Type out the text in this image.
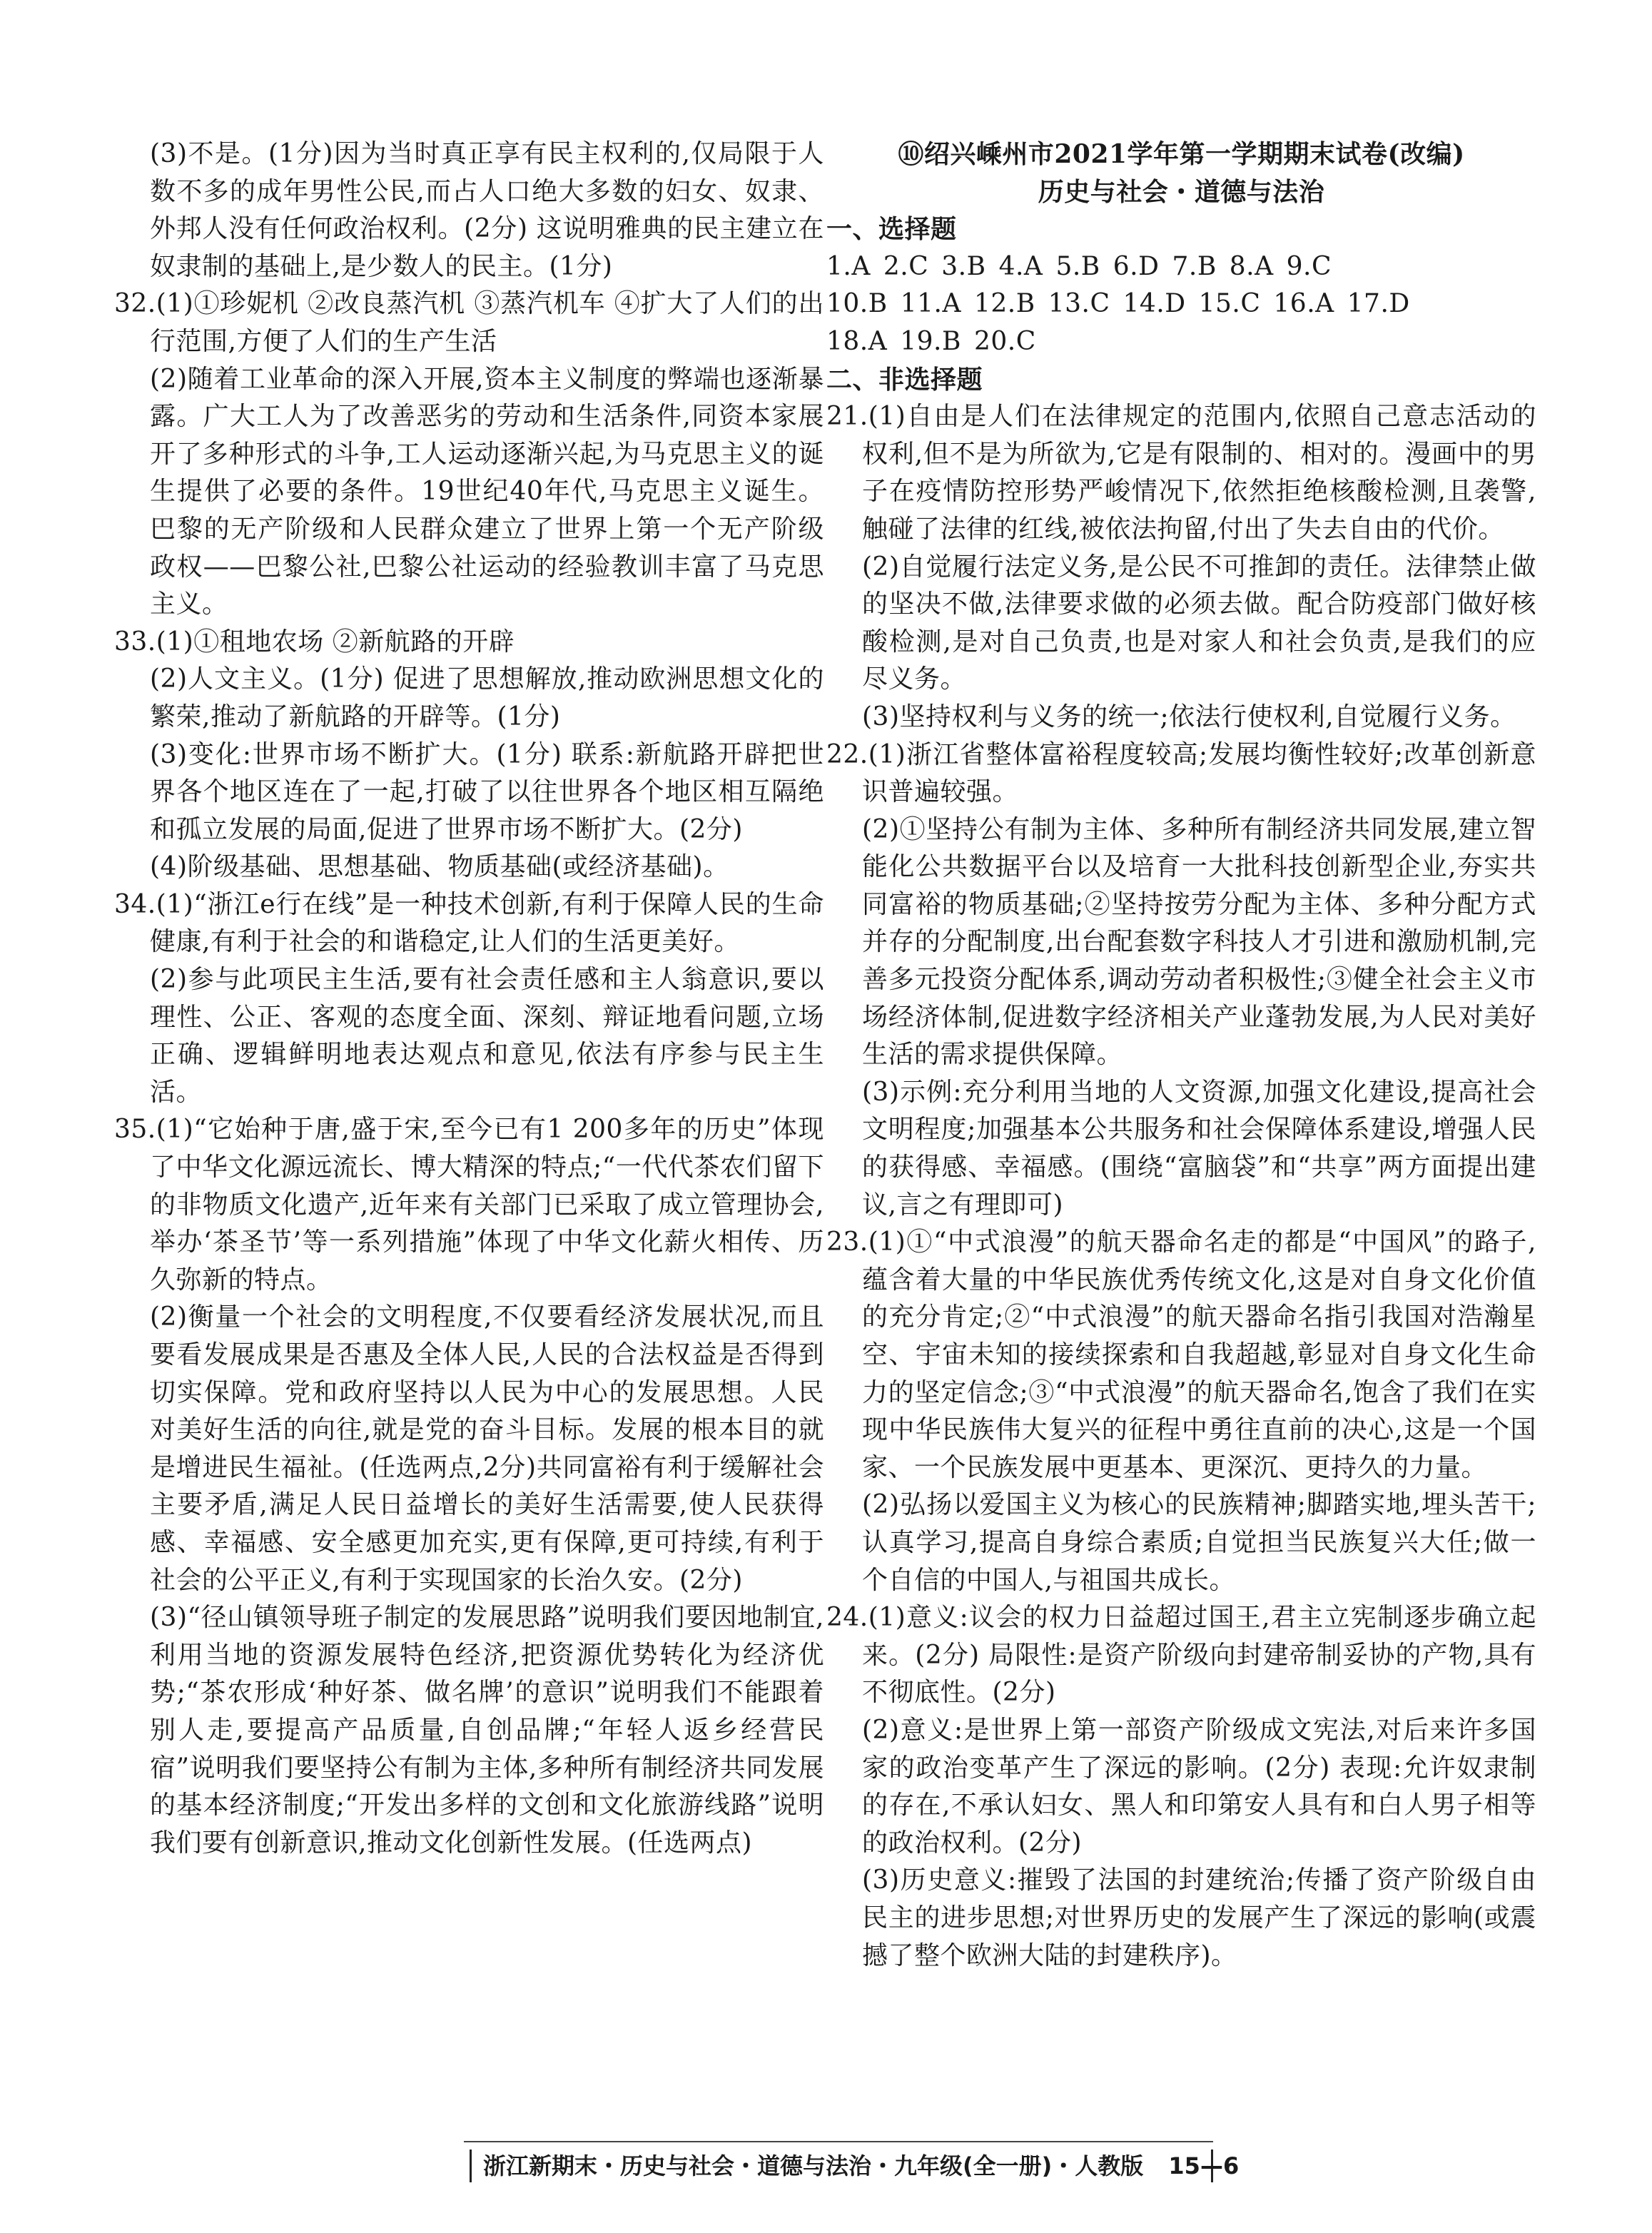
(3)不是。(1分)因为当时真正享有民主权利的,仅局限于人数不多的成年男性公民,而占人口绝大多数的妇女、奴隶、外邦人没有任何政治权利。(2分) 这说明雅典的民主建立在奴隶制的基础上,是少数人的民主。(1分)

32.(1)①珍妮机 ②改良蒸汽机 ③蒸汽机车 ④扩大了人们的出行范围,方便了人们的生产生活

(2)随着工业革命的深入开展,资本主义制度的弊端也逐渐暴露。广大工人为了改善恶劣的劳动和生活条件,同资本家展开了多种形式的斗争,工人运动逐渐兴起,为马克思主义的诞生提供了必要的条件。19世纪40年代,马克思主义诞生。巴黎的无产阶级和人民群众建立了世界上第一个无产阶级政权——巴黎公社,巴黎公社运动的经验教训丰富了马克思主义。

33.(1)①租地农场 ②新航路的开辟

(2)人文主义。(1分) 促进了思想解放,推动欧洲思想文化的繁荣,推动了新航路的开辟等。(1分)

(3)变化:世界市场不断扩大。(1分) 联系:新航路开辟把世界各个地区连在了一起,打破了以往世界各个地区相互隔绝和孤立发展的局面,促进了世界市场不断扩大。(2分)

(4)阶级基础、思想基础、物质基础(或经济基础)。

34.(1)“浙江e行在线”是一种技术创新,有利于保障人民的生命健康,有利于社会的和谐稳定,让人们的生活更美好。

(2)参与此项民主生活,要有社会责任感和主人翁意识,要以理性、公正、客观的态度全面、深刻、辩证地看问题,立场正确、逻辑鲜明地表达观点和意见,依法有序参与民主生活。

35.(1)“它始种于唐,盛于宋,至今已有1 200多年的历史”体现了中华文化源远流长、博大精深的特点;“一代代茶农们留下的非物质文化遗产,近年来有关部门已采取了成立管理协会,举办‘茶圣节’等一系列措施”体现了中华文化薪火相传、历久弥新的特点。

(2)衡量一个社会的文明程度,不仅要看经济发展状况,而且要看发展成果是否惠及全体人民,人民的合法权益是否得到切实保障。党和政府坚持以人民为中心的发展思想。人民对美好生活的向往,就是党的奋斗目标。发展的根本目的就是增进民生福祉。(任选两点,2分)共同富裕有利于缓解社会主要矛盾,满足人民日益增长的美好生活需要,使人民获得感、幸福感、安全感更加充实,更有保障,更可持续,有利于社会的公平正义,有利于实现国家的长治久安。(2分)

(3)“径山镇领导班子制定的发展思路”说明我们要因地制宜,利用当地的资源发展特色经济,把资源优势转化为经济优势;“茶农形成‘种好茶、做名牌’的意识”说明我们不能跟着别人走,要提高产品质量,自创品牌;“年轻人返乡经营民宿”说明我们要坚持公有制为主体,多种所有制经济共同发展的基本经济制度;“开发出多样的文创和文化旅游线路”说明我们要有创新意识,推动文化创新性发展。(任选两点)

⑩绍兴嵊州市2021学年第一学期期末试卷(改编)

历史与社会・道德与法治

一、选择题

1.A 2.C 3.B 4.A 5.B 6.D 7.B 8.A 9.C

10.B 11.A 12.B 13.C 14.D 15.C 16.A 17.D

18.A 19.B 20.C

二、非选择题

21.(1)自由是人们在法律规定的范围内,依照自己意志活动的权利,但不是为所欲为,它是有限制的、相对的。漫画中的男子在疫情防控形势严峻情况下,依然拒绝核酸检测,且袭警,触碰了法律的红线,被依法拘留,付出了失去自由的代价。

(2)自觉履行法定义务,是公民不可推卸的责任。法律禁止做的坚决不做,法律要求做的必须去做。配合防疫部门做好核酸检测,是对自己负责,也是对家人和社会负责,是我们的应尽义务。

(3)坚持权利与义务的统一;依法行使权利,自觉履行义务。

22.(1)浙江省整体富裕程度较高;发展均衡性较好;改革创新意识普遍较强。

(2)①坚持公有制为主体、多种所有制经济共同发展,建立智能化公共数据平台以及培育一大批科技创新型企业,夯实共同富裕的物质基础;②坚持按劳分配为主体、多种分配方式并存的分配制度,出台配套数字科技人才引进和激励机制,完善多元投资分配体系,调动劳动者积极性;③健全社会主义市场经济体制,促进数字经济相关产业蓬勃发展,为人民对美好生活的需求提供保障。

(3)示例:充分利用当地的人文资源,加强文化建设,提高社会文明程度;加强基本公共服务和社会保障体系建设,增强人民的获得感、幸福感。(围绕“富脑袋”和“共享”两方面提出建议,言之有理即可)

23.(1)①“中式浪漫”的航天器命名走的都是“中国风”的路子,蕴含着大量的中华民族优秀传统文化,这是对自身文化价值的充分肯定;②“中式浪漫”的航天器命名指引我国对浩瀚星空、宇宙未知的接续探索和自我超越,彰显对自身文化生命力的坚定信念;③“中式浪漫”的航天器命名,饱含了我们在实现中华民族伟大复兴的征程中勇往直前的决心,这是一个国家、一个民族发展中更基本、更深沉、更持久的力量。

(2)弘扬以爱国主义为核心的民族精神;脚踏实地,埋头苦干;认真学习,提高自身综合素质;自觉担当民族复兴大任;做一个自信的中国人,与祖国共成长。

24.(1)意义:议会的权力日益超过国王,君主立宪制逐步确立起来。(2分) 局限性:是资产阶级向封建帝制妥协的产物,具有不彻底性。(2分)

(2)意义:是世界上第一部资产阶级成文宪法,对后来许多国家的政治变革产生了深远的影响。(2分) 表现:允许奴隶制的存在,不承认妇女、黑人和印第安人具有和白人男子相等的政治权利。(2分)

(3)历史意义:摧毁了法国的封建统治;传播了资产阶级自由民主的进步思想;对世界历史的发展产生了深远的影响(或震撼了整个欧洲大陆的封建秩序)。

浙江新期末・历史与社会・道德与法治・九年级(全一册)・人教版 15—6
